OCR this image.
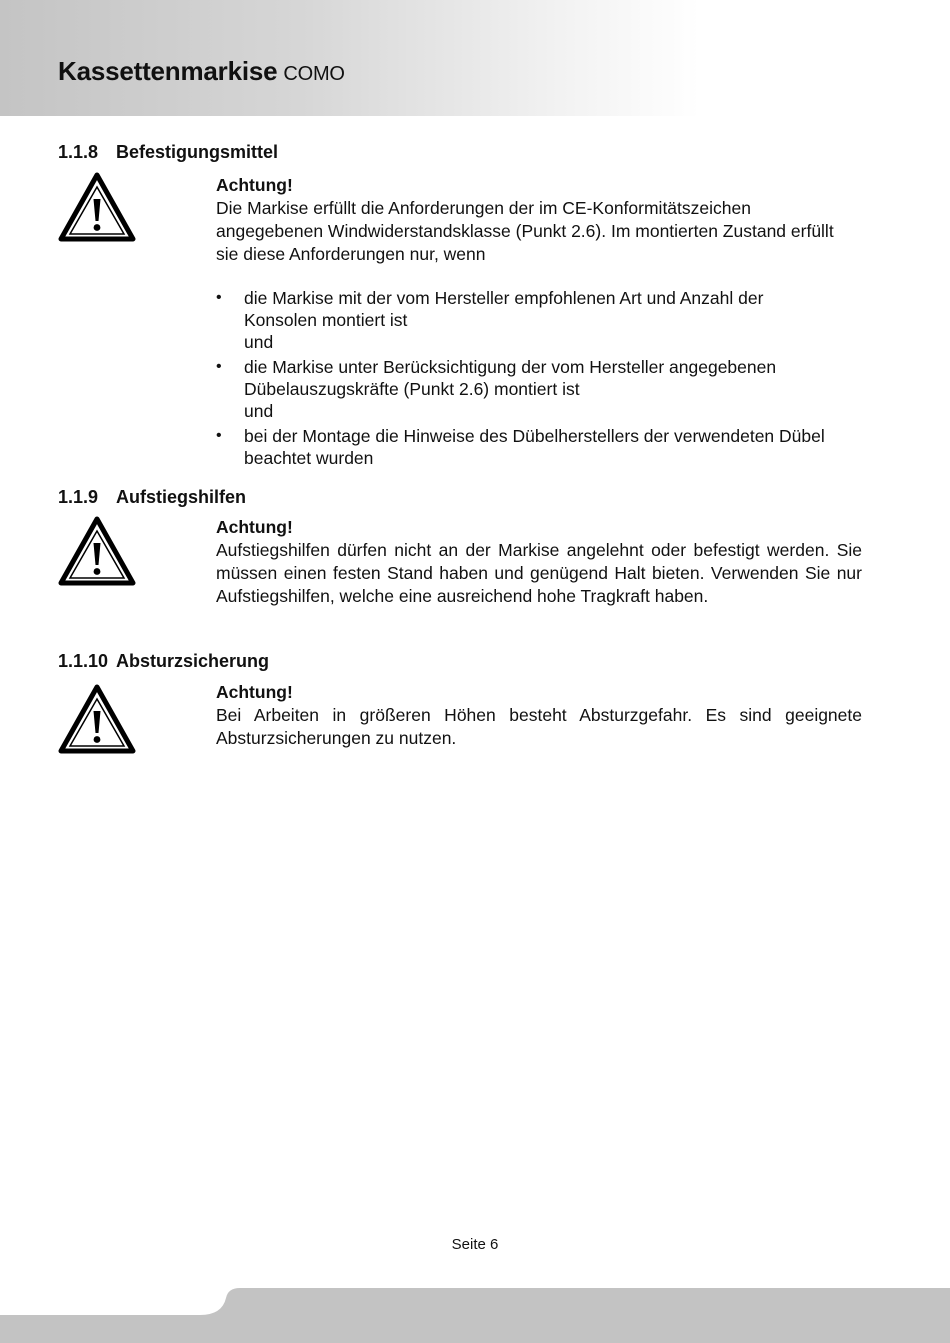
Kassettenmarkise COMO
1.1.8 Befestigungsmittel
Achtung!
Die Markise erfüllt die Anforderungen der im CE-Konformitätszeichen angegebenen Windwiderstandsklasse (Punkt 2.6). Im montierten Zustand erfüllt sie diese Anforderungen nur, wenn
• die Markise mit der vom Hersteller empfohlenen Art und Anzahl der Konsolen montiert ist
und
• die Markise unter Berücksichtigung der vom Hersteller angegebenen Dübelauszugskräfte (Punkt 2.6) montiert ist
und
• bei der Montage die Hinweise des Dübelherstellers der verwendeten Dübel beachtet wurden
1.1.9 Aufstiegshilfen
Achtung!
Aufstiegshilfen dürfen nicht an der Markise angelehnt oder befestigt werden. Sie müssen einen festen Stand haben und genügend Halt bieten. Verwenden Sie nur Aufstiegshilfen, welche eine ausreichend hohe Tragkraft haben.
1.1.10 Absturzsicherung
Achtung!
Bei Arbeiten in größeren Höhen besteht Absturzgefahr. Es sind geeignete Absturzsicherungen zu nutzen.
Seite 6
